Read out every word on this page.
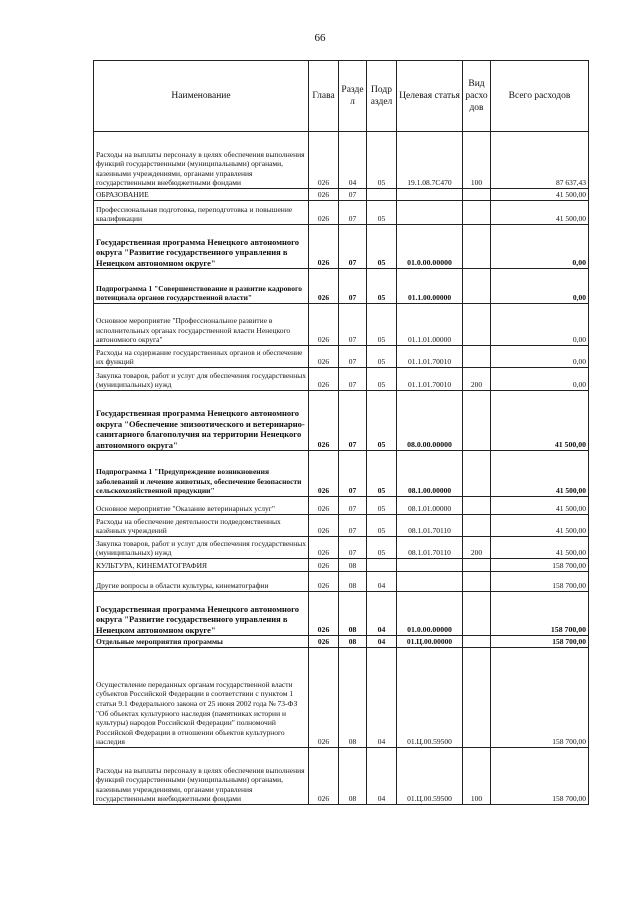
66
Наименование	Глава	Разде л	Подр аздел	Целевая статья	Вид расхо дов	Всего расходов
Расходы на выплаты персоналу в целях обеспечения выполнения функций государственными (муниципальными) органами, казенными учреждениями, органами управления государственными внебюджетными фондами	026	04	05	19.1.08.7С470	100	87 637,43
ОБРАЗОВАНИЕ	026	07				41 500,00
Профессиональная подготовка, переподготовка и повышение квалификации	026	07	05			41 500,00
Государственная программа Ненецкого автономного округа "Развитие государственного управления в Ненецком автономном округе"	026	07	05	01.0.00.00000		0,00
Подпрограмма 1 "Совершенствование и развитие кадрового потенциала органов государственной власти"	026	07	05	01.1.00.00000		0,00
Основное мероприятие "Профессиональное развитие в исполнительных органах государственной власти Ненецкого автономного округа"	026	07	05	01.1.01.00000		0,00
Расходы на содержание государственных органов и обеспечение их функций	026	07	05	01.1.01.70010		0,00
Закупка товаров, работ и услуг для обеспечения государственных (муниципальных) нужд	026	07	05	01.1.01.70010	200	0,00
Государственная программа Ненецкого автономного округа "Обеспечение эпизоотического и ветеринарно-санитарного благополучия на территории Ненецкого автономного округа"	026	07	05	08.0.00.00000		41 500,00
Подпрограмма 1 "Предупреждение возникновения заболеваний и лечение животных, обеспечение безопасности сельскохозяйственной продукции"	026	07	05	08.1.00.00000		41 500,00
Основное мероприятие "Оказание ветеринарных услуг"	026	07	05	08.1.01.00000		41 500,00
Расходы на обеспечение деятельности подведомственных казённых учреждений	026	07	05	08.1.01.70110		41 500,00
Закупка товаров, работ и услуг для обеспечения государственных (муниципальных) нужд	026	07	05	08.1.01.70110	200	41 500,00
КУЛЬТУРА, КИНЕМАТОГРАФИЯ	026	08				158 700,00
Другие вопросы в области культуры, кинематографии	026	08	04			158 700,00
Государственная программа Ненецкого автономного округа "Развитие государственного управления в Ненецком автономном округе"	026	08	04	01.0.00.00000		158 700,00
Отдельные мероприятия программы	026	08	04	01.Ц.00.00000		158 700,00
Осуществление переданных органам государственной власти субъектов Российской Федерации в соответствии с пунктом 1 статьи 9.1 Федерального закона от 25 июня 2002 года № 73-ФЗ "Об объектах культурного наследия (памятниках истории и культуры) народов Российской Федерации" полномочий Российской Федерации в отношении объектов культурного наследия	026	08	04	01.Ц.00.59500		158 700,00
Расходы на выплаты персоналу в целях обеспечения выполнения функций государственными (муниципальными) органами, казенными учреждениями, органами управления государственными внебюджетными фондами	026	08	04	01.Ц.00.59500	100	158 700,00
